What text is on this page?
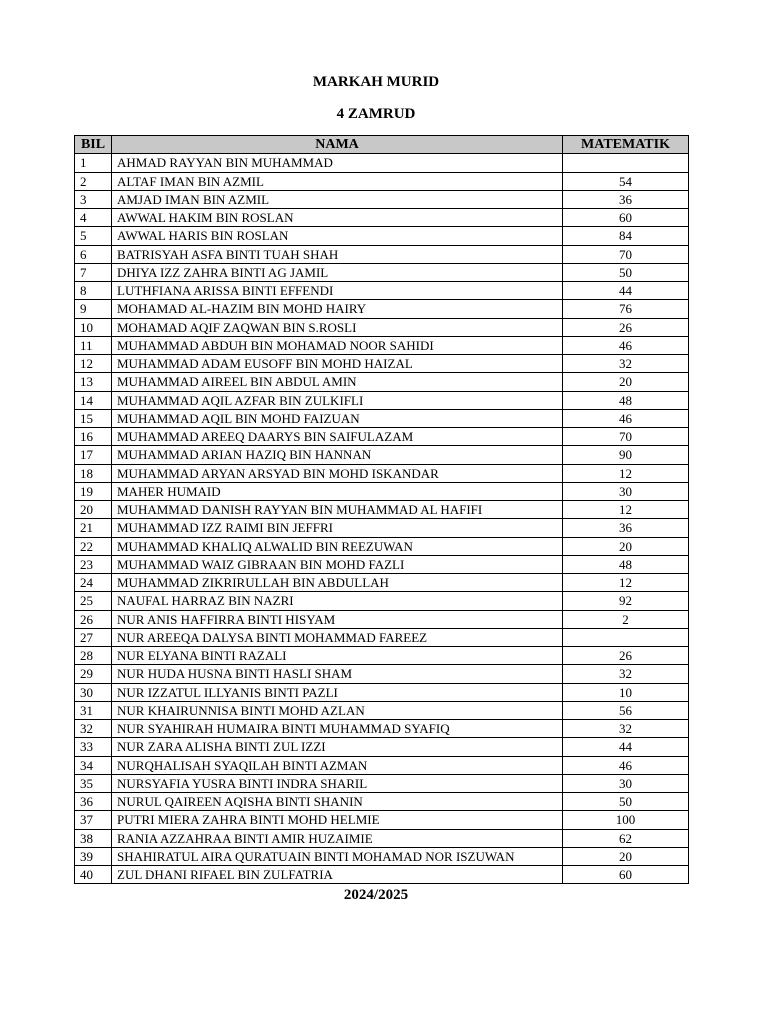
MARKAH MURID
4 ZAMRUD
BIL	NAMA	MATEMATIK
1	AHMAD RAYYAN BIN MUHAMMAD	
2	ALTAF IMAN BIN AZMIL	54
3	AMJAD IMAN BIN AZMIL	36
4	AWWAL HAKIM BIN ROSLAN	60
5	AWWAL HARIS BIN ROSLAN	84
6	BATRISYAH ASFA BINTI TUAH SHAH	70
7	DHIYA IZZ ZAHRA BINTI AG JAMIL	50
8	LUTHFIANA ARISSA BINTI EFFENDI	44
9	MOHAMAD AL-HAZIM BIN MOHD HAIRY	76
10	MOHAMAD AQIF ZAQWAN BIN S.ROSLI	26
11	MUHAMMAD ABDUH BIN MOHAMAD NOOR SAHIDI	46
12	MUHAMMAD ADAM EUSOFF BIN MOHD HAIZAL	32
13	MUHAMMAD AIREEL BIN ABDUL AMIN	20
14	MUHAMMAD AQIL AZFAR BIN ZULKIFLI	48
15	MUHAMMAD AQIL BIN MOHD FAIZUAN	46
16	MUHAMMAD AREEQ DAARYS BIN SAIFULAZAM	70
17	MUHAMMAD ARIAN HAZIQ BIN HANNAN	90
18	MUHAMMAD ARYAN ARSYAD BIN MOHD ISKANDAR	12
19	MAHER HUMAID	30
20	MUHAMMAD DANISH RAYYAN BIN MUHAMMAD AL HAFIFI	12
21	MUHAMMAD IZZ RAIMI BIN JEFFRI	36
22	MUHAMMAD KHALIQ ALWALID BIN REEZUWAN	20
23	MUHAMMAD WAIZ GIBRAAN BIN MOHD FAZLI	48
24	MUHAMMAD ZIKRIRULLAH BIN ABDULLAH	12
25	NAUFAL HARRAZ BIN NAZRI	92
26	NUR ANIS HAFFIRRA BINTI HISYAM	2
27	NUR AREEQA DALYSA BINTI MOHAMMAD FAREEZ	
28	NUR ELYANA BINTI RAZALI	26
29	NUR HUDA HUSNA BINTI HASLI SHAM	32
30	NUR IZZATUL ILLYANIS BINTI PAZLI	10
31	NUR KHAIRUNNISA BINTI MOHD AZLAN	56
32	NUR SYAHIRAH HUMAIRA BINTI MUHAMMAD SYAFIQ	32
33	NUR ZARA ALISHA BINTI ZUL IZZI	44
34	NURQHALISAH SYAQILAH BINTI AZMAN	46
35	NURSYAFIA YUSRA BINTI INDRA SHARIL	30
36	NURUL QAIREEN AQISHA BINTI SHANIN	50
37	PUTRI MIERA ZAHRA BINTI MOHD HELMIE	100
38	RANIA AZZAHRAA BINTI AMIR HUZAIMIE	62
39	SHAHIRATUL AIRA QURATUAIN BINTI MOHAMAD NOR ISZUWAN	20
40	ZUL DHANI RIFAEL BIN ZULFATRIA	60
2024/2025
